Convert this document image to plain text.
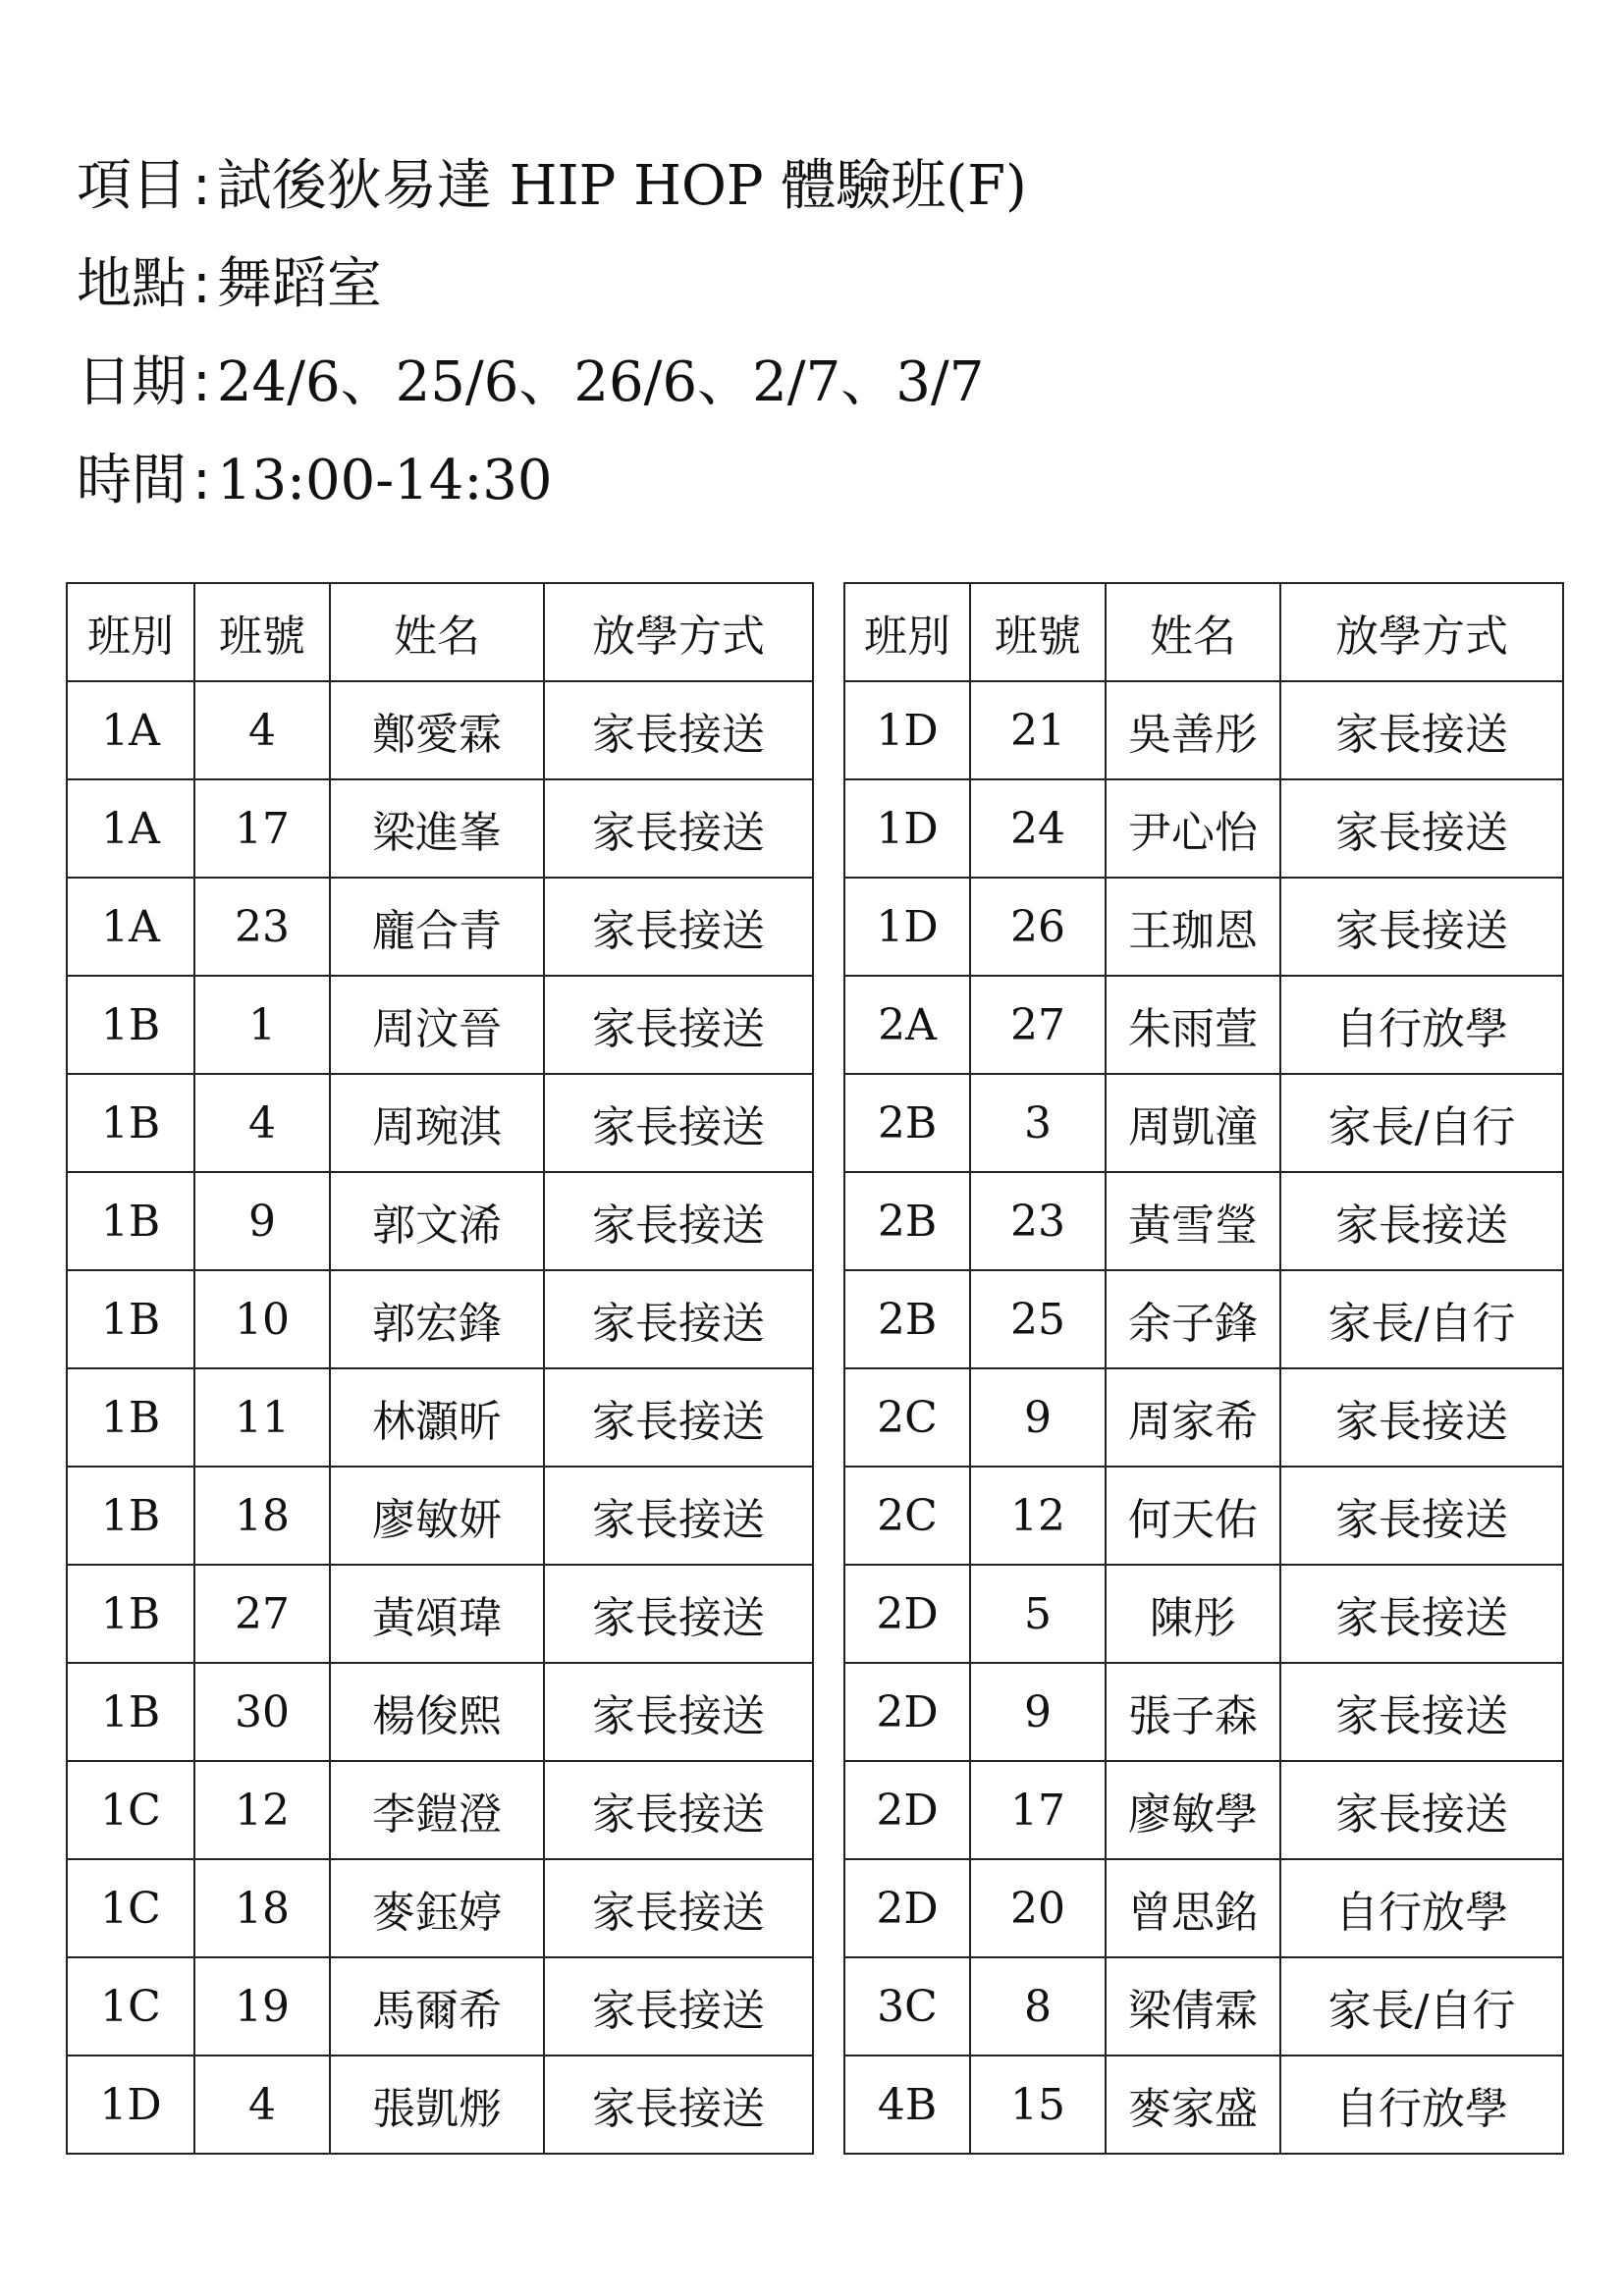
項目 : 試後狄易達 HIP HOP 體驗班(F)
地點 : 舞蹈室
日期 : 24/6、25/6、26/6、2/7、3/7
時間 : 13:00-14:30
班別	班號	姓名	放學方式
1A	4	鄭愛霖	家長接送
1A	17	梁進峯	家長接送
1A	23	龐合青	家長接送
1B	1	周汶晉	家長接送
1B	4	周琬淇	家長接送
1B	9	郭文浠	家長接送
1B	10	郭宏鋒	家長接送
1B	11	林灝昕	家長接送
1B	18	廖敏妍	家長接送
1B	27	黃頌瑋	家長接送
1B	30	楊俊熙	家長接送
1C	12	李鎧澄	家長接送
1C	18	麥鈺婷	家長接送
1C	19	馬爾希	家長接送
1D	4	張凱烿	家長接送
班別	班號	姓名	放學方式
1D	21	吳善彤	家長接送
1D	24	尹心怡	家長接送
1D	26	王珈恩	家長接送
2A	27	朱雨萱	自行放學
2B	3	周凱潼	家長/自行
2B	23	黃雪瑩	家長接送
2B	25	余子鋒	家長/自行
2C	9	周家希	家長接送
2C	12	何天佑	家長接送
2D	5	陳彤	家長接送
2D	9	張子森	家長接送
2D	17	廖敏學	家長接送
2D	20	曾思銘	自行放學
3C	8	梁倩霖	家長/自行
4B	15	麥家盛	自行放學
